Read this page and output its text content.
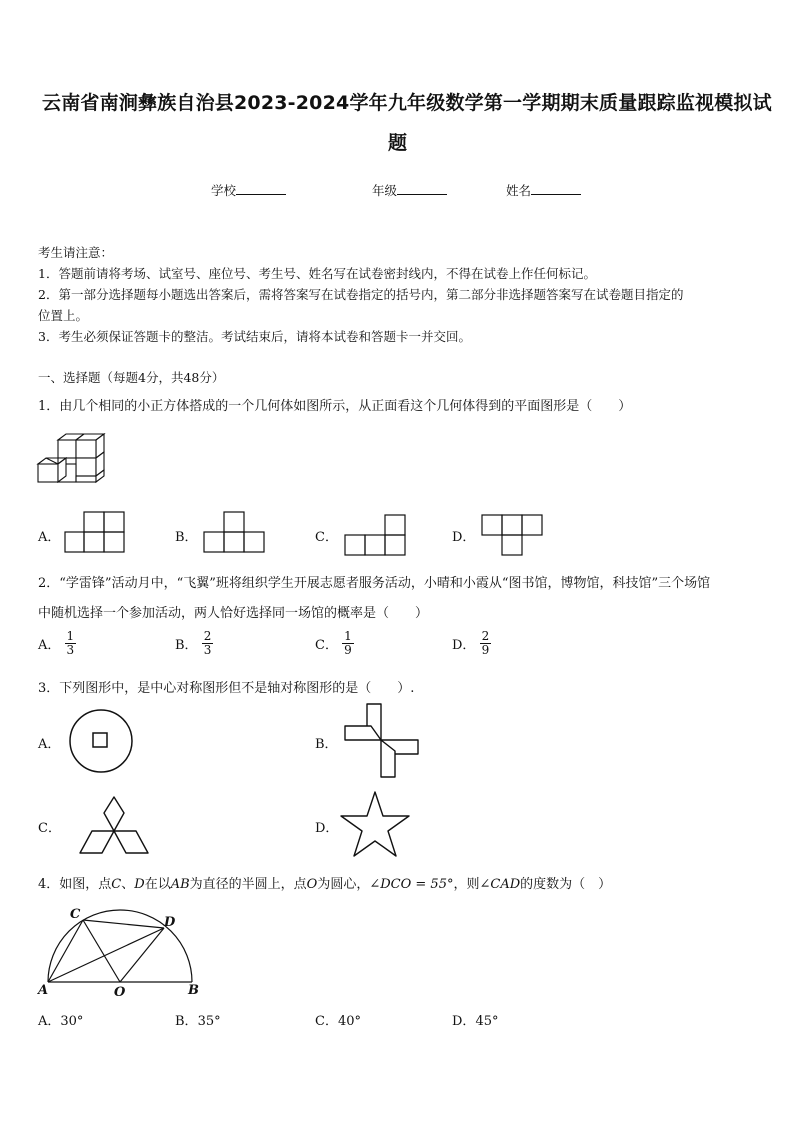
云南省南涧彝族自治县2023-2024学年九年级数学第一学期期末质量跟踪监视模拟试
题
学校	年级	姓名
考生请注意：
1．答题前请将考场、试室号、座位号、考生号、姓名写在试卷密封线内，不得在试卷上作任何标记。
2．第一部分选择题每小题选出答案后，需将答案写在试卷指定的括号内，第二部分非选择题答案写在试卷题目指定的
位置上。
3．考生必须保证答题卡的整洁。考试结束后，请将本试卷和答题卡一并交回。
一、选择题（每题4分，共48分）
1．由几个相同的小正方体搭成的一个几何体如图所示，从正面看这个几何体得到的平面图形是（　　）
A．	B．	C．	D．
2．“学雷锋”活动月中，“飞翼”班将组织学生开展志愿者服务活动，小晴和小霞从“图书馆，博物馆，科技馆”三个场馆
中随机选择一个参加活动，两人恰好选择同一场馆的概率是（　　）
A． $\frac{1}{3}$	B． $\frac{2}{3}$	C． $\frac{1}{9}$	D． $\frac{2}{9}$
3．下列图形中，是中心对称图形但不是轴对称图形的是（　　）.
A．	B．
C．	D．
4．如图，点C、D在以AB为直径的半圆上，点O为圆心，∠DCO = 55°，则∠CAD的度数为（　）
C
D
A	O	B
A．30°	B．35°	C．40°	D．45°
